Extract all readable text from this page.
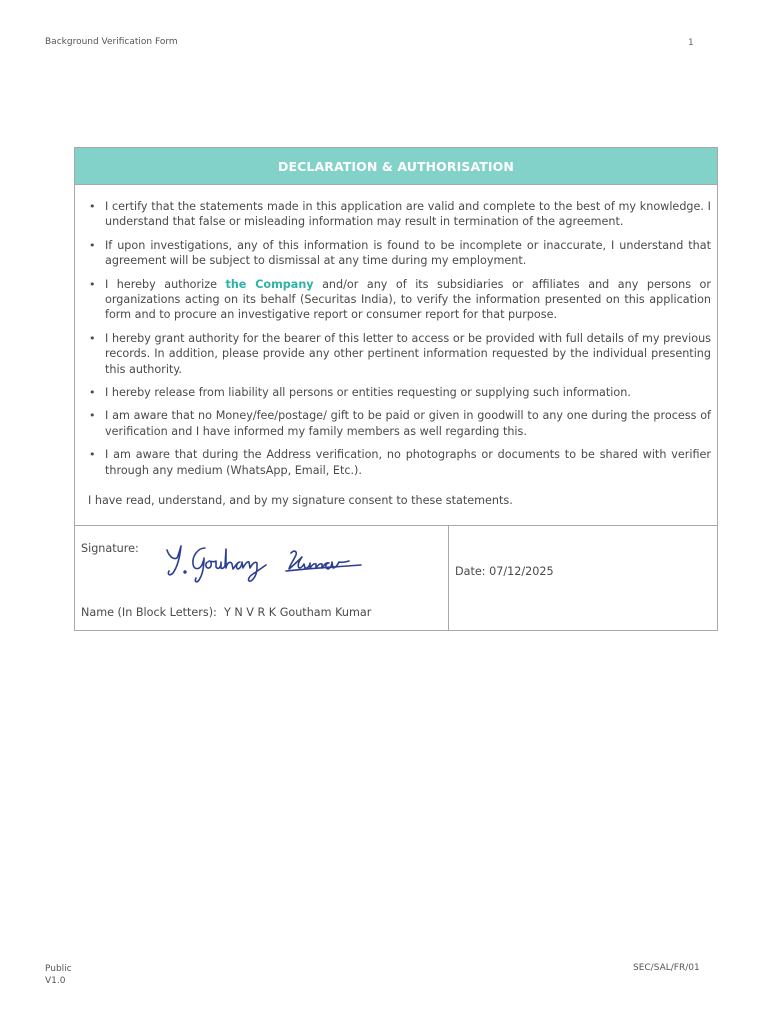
Background Verification Form	1
DECLARATION & AUTHORISATION
• I certify that the statements made in this application are valid and complete to the best of my knowledge. I understand that false or misleading information may result in termination of the agreement.
• If upon investigations, any of this information is found to be incomplete or inaccurate, I understand that agreement will be subject to dismissal at any time during my employment.
• I hereby authorize the Company and/or any of its subsidiaries or affiliates and any persons or organizations acting on its behalf (Securitas India), to verify the information presented on this application form and to procure an investigative report or consumer report for that purpose.
• I hereby grant authority for the bearer of this letter to access or be provided with full details of my previous records. In addition, please provide any other pertinent information requested by the individual presenting this authority.
• I hereby release from liability all persons or entities requesting or supplying such information.
• I am aware that no Money/fee/postage/ gift to be paid or given in goodwill to any one during the process of verification and I have informed my family members as well regarding this.
• I am aware that during the Address verification, no photographs or documents to be shared with verifier through any medium (WhatsApp, Email, Etc.).
I have read, understand, and by my signature consent to these statements.
Signature:
Name (In Block Letters): Y N V R K Goutham Kumar
Date: 07/12/2025
Public
V1.0
SEC/SAL/FR/01
